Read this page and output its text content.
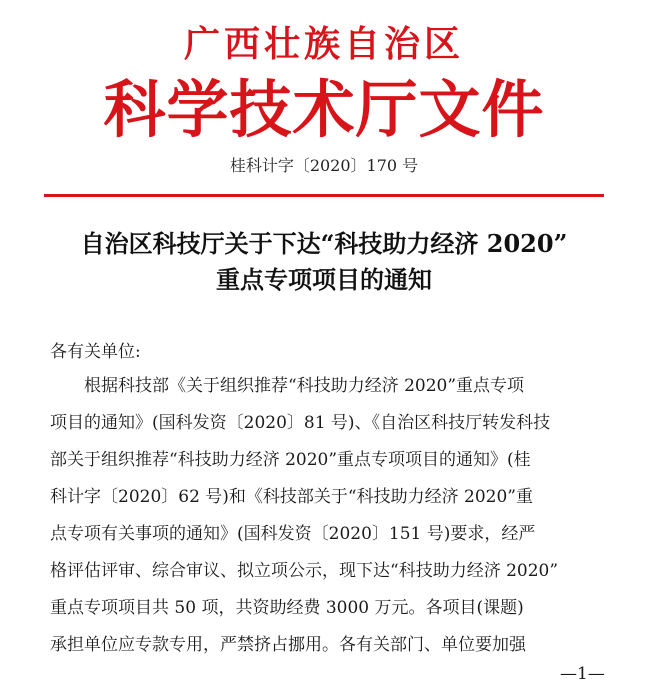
广西壮族自治区
科学技术厅文件
桂科计字〔2020〕170 号
自治区科技厅关于下达“科技助力经济 2020”
重点专项项目的通知
各有关单位:
　　根据科技部《关于组织推荐“科技助力经济 2020”重点专项
项目的通知》(国科发资〔2020〕81 号)、《自治区科技厅转发科技
部关于组织推荐“科技助力经济 2020”重点专项项目的通知》(桂
科计字〔2020〕62 号)和《科技部关于“科技助力经济 2020”重
点专项有关事项的通知》(国科发资〔2020〕151 号)要求，经严
格评估评审、综合审议、拟立项公示，现下达“科技助力经济 2020”
重点专项项目共 50 项，共资助经费 3000 万元。各项目(课题)
承担单位应专款专用，严禁挤占挪用。各有关部门、单位要加强
—1—
